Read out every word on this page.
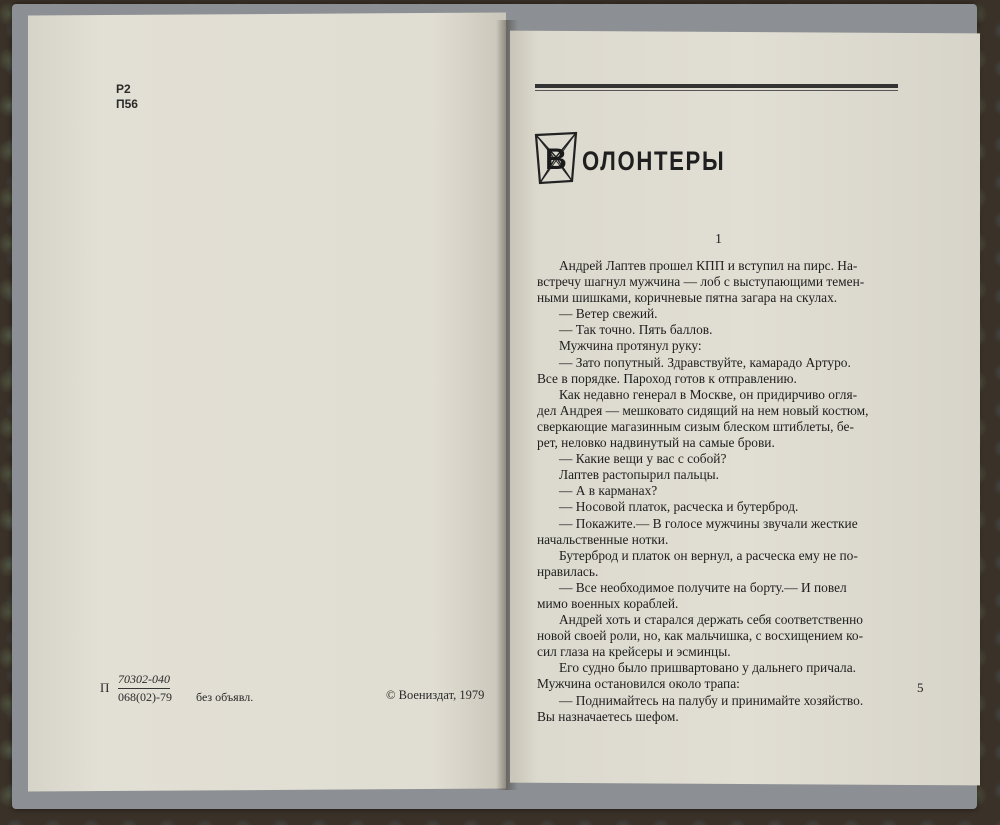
Р2
П56
П
70302-040
068(02)-79 без объявл.	© Воениздат, 1979
В ОЛОНТЕРЫ
1

Андрей Лаптев прошел КПП и вступил на пирс. На-

встречу шагнул мужчина — лоб с выступающими темен-

ными шишками, коричневые пятна загара на скулах.

— Ветер свежий.

— Так точно. Пять баллов.

Мужчина протянул руку:

— Зато попутный. Здравствуйте, камарадо Артуро.

Все в порядке. Пароход готов к отправлению.

Как недавно генерал в Москве, он придирчиво огля-

дел Андрея — мешковато сидящий на нем новый костюм,

сверкающие магазинным сизым блеском штиблеты, бе-

рет, неловко надвинутый на самые брови.

— Какие вещи у вас с собой?

Лаптев растопырил пальцы.

— А в карманах?

— Носовой платок, расческа и бутерброд.

— Покажите.— В голосе мужчины звучали жесткие

начальственные нотки.

Бутерброд и платок он вернул, а расческа ему не по-

нравилась.

— Все необходимое получите на борту.— И повел

мимо военных кораблей.

Андрей хоть и старался держать себя соответственно

новой своей роли, но, как мальчишка, с восхищением ко-

сил глаза на крейсеры и эсминцы.

Его судно было пришвартовано у дальнего причала.

Мужчина остановился около трапа:

— Поднимайтесь на палубу и принимайте хозяйство.

Вы назначаетесь шефом.

5
